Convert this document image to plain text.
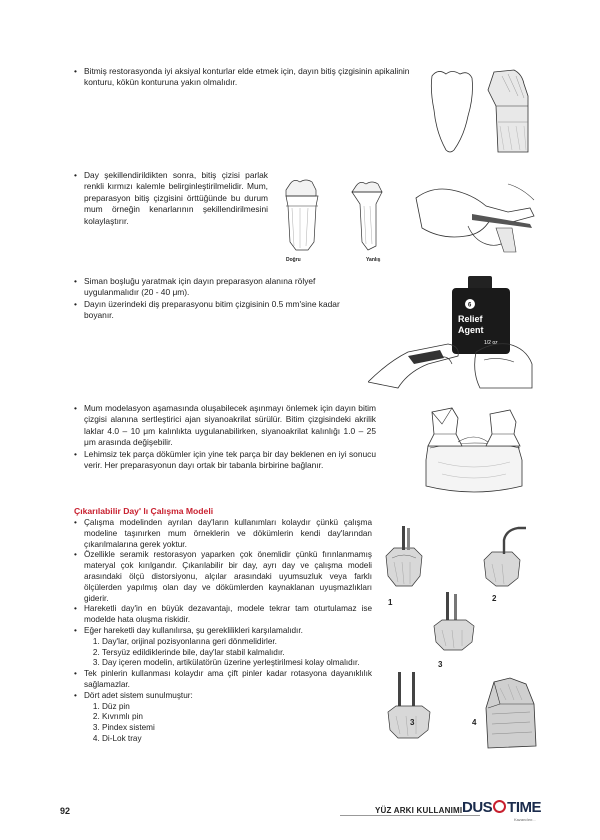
• Bitmiş restorasyonda iyi aksiyal konturlar elde etmek için, dayın bitiş çizgisinin apikalinin konturu, kökün konturuna yakın olmalıdır.
• Day şekillendirildikten sonra, bitiş çizisi parlak renkli kırmızı kalemle belirginleştirilmelidir. Mum, preparasyon bitiş çizgisini örttüğünde bu durum mum örneğin kenarlarının şekillendirilmesini kolaylaştırır.
Doğru	Yanlış
• Siman boşluğu yaratmak için dayın preparasyon alanına rölyef uygulanmalıdır (20 - 40 μm).
• Dayın üzerindeki diş preparasyonu bitim çizgisinin 0.5 mm'sine kadar boyanır.
6
Relief
Agent
1/2 oz
• Mum modelasyon aşamasında oluşabilecek aşınmayı önlemek için dayın bitim çizgisi alanına sertleştirici ajan siyanoakrilat sürülür. Bitim çizgisindeki akrilik laklar 4.0 – 10 μm kalınlıkta uygulanabilirken, siyanoakrilat kalınlığı 1.0 – 25 μm arasında değişebilir.
• Lehimsiz tek parça dökümler için yine tek parça bir day beklenen en iyi sonucu verir. Her preparasyonun dayı ortak bir tabanla birbirine bağlanır.
Çıkarılabilir Day' lı Çalışma Modeli
• Çalışma modelinden ayrılan day'ların kullanımları kolaydır çünkü çalışma modeline taşınırken mum örneklerin ve dökümlerin kendi day'larından çıkarılmalarına gerek yoktur.
• Özellikle seramik restorasyon yaparken çok önemlidir çünkü fırınlanmamış materyal çok kırılgandır. Çıkarılabilir bir day, ayrı day ve çalışma modeli arasındaki ölçü distorsiyonu, alçılar arasındaki uyumsuzluk veya farklı ölçülerden yapılmış olan day ve dökümlerden kaynaklanan uyuşmazlıkları giderir.
• Hareketli day'in en büyük dezavantajı, modele tekrar tam oturtulamaz ise modelde hata oluşma riskidir.
• Eğer hareketli day kullanılırsa, şu gereklilikleri karşılamalıdır.
1. Day'lar, orijinal pozisyonlarına geri dönmelidirler.
2. Tersyüz edildiklerinde bile, day'lar stabil kalmalıdır.
3. Day içeren modelin, artikülatörün üzerine yerleştirilmesi kolay olmalıdır.
• Tek pinlerin kullanması kolaydır ama çift pinler kadar rotasyona dayanıklılık sağlamazlar.
• Dört adet sistem sunulmuştur:
1. Düz pin
2. Kıvrımlı pin
3. Pindex sistemi
4. Di-Lok tray
1	2
3
3	4
92	YÜZ ARKI KULLANIMI DUS TIME
Kazandırır...
